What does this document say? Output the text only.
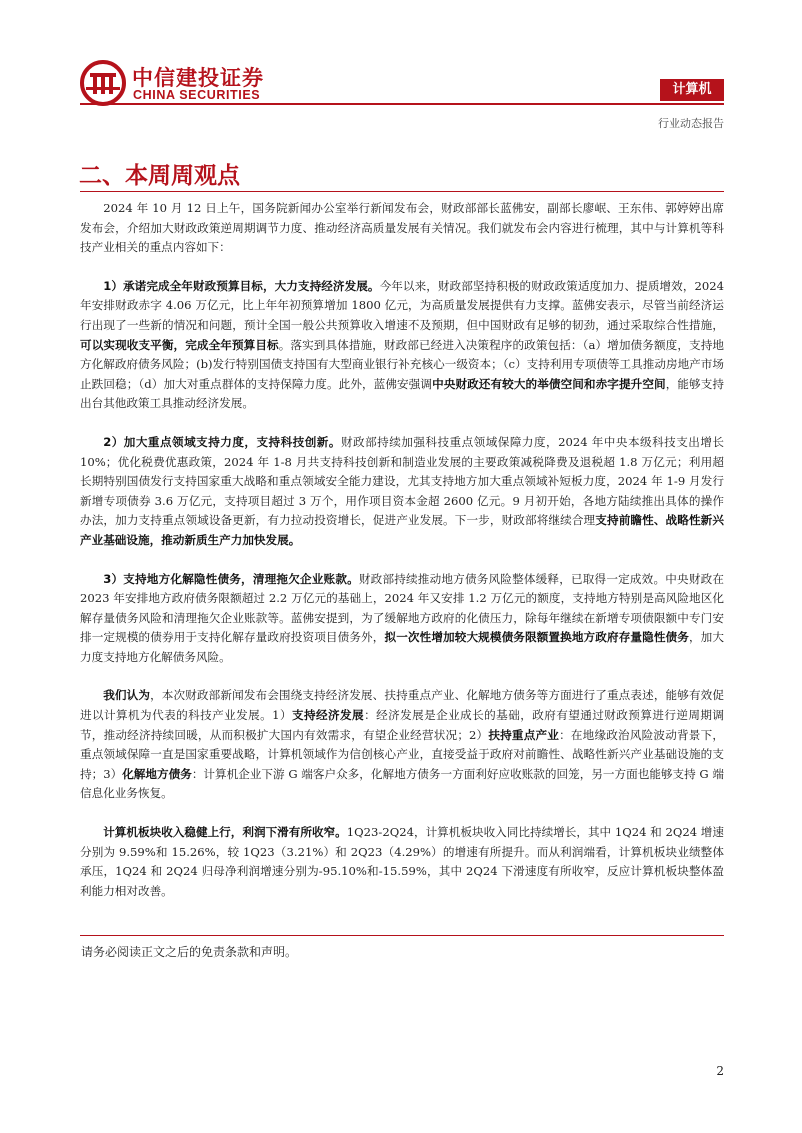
中信建投证券
CHINA SECURITIES	计算机
行业动态报告
二、本周周观点

2024 年 10 月 12 日上午，国务院新闻办公室举行新闻发布会，财政部部长蓝佛安，副部长廖岷、王东伟、郭婷婷出席发布会，介绍加大财政政策逆周期调节力度、推动经济高质量发展有关情况。我们就发布会内容进行梳理，其中与计算机等科技产业相关的重点内容如下：

1）承诺完成全年财政预算目标，大力支持经济发展。今年以来，财政部坚持积极的财政政策适度加力、提质增效，2024 年安排财政赤字 4.06 万亿元，比上年年初预算增加 1800 亿元，为高质量发展提供有力支撑。蓝佛安表示，尽管当前经济运行出现了一些新的情况和问题，预计全国一般公共预算收入增速不及预期，但中国财政有足够的韧劲，通过采取综合性措施，可以实现收支平衡，完成全年预算目标。落实到具体措施，财政部已经进入决策程序的政策包括：（a）增加债务额度，支持地方化解政府债务风险；(b)发行特别国债支持国有大型商业银行补充核心一级资本；（c）支持利用专项债等工具推动房地产市场止跌回稳；（d）加大对重点群体的支持保障力度。此外，蓝佛安强调中央财政还有较大的举债空间和赤字提升空间，能够支持出台其他政策工具推动经济发展。

2）加大重点领域支持力度，支持科技创新。财政部持续加强科技重点领域保障力度，2024 年中央本级科技支出增长 10%；优化税费优惠政策，2024 年 1-8 月共支持科技创新和制造业发展的主要政策减税降费及退税超 1.8 万亿元；利用超长期特别国债发行支持国家重大战略和重点领域安全能力建设，尤其支持地方加大重点领域补短板力度，2024 年 1-9 月发行新增专项债券 3.6 万亿元，支持项目超过 3 万个，用作项目资本金超 2600 亿元。9 月初开始，各地方陆续推出具体的操作办法，加力支持重点领域设备更新，有力拉动投资增长，促进产业发展。下一步，财政部将继续合理支持前瞻性、战略性新兴产业基础设施，推动新质生产力加快发展。

3）支持地方化解隐性债务，清理拖欠企业账款。财政部持续推动地方债务风险整体缓释，已取得一定成效。中央财政在 2023 年安排地方政府债务限额超过 2.2 万亿元的基础上，2024 年又安排 1.2 万亿元的额度，支持地方特别是高风险地区化解存量债务风险和清理拖欠企业账款等。蓝佛安提到，为了缓解地方政府的化债压力，除每年继续在新增专项债限额中专门安排一定规模的债券用于支持化解存量政府投资项目债务外，拟一次性增加较大规模债务限额置换地方政府存量隐性债务，加大力度支持地方化解债务风险。

我们认为，本次财政部新闻发布会围绕支持经济发展、扶持重点产业、化解地方债务等方面进行了重点表述，能够有效促进以计算机为代表的科技产业发展。1）支持经济发展：经济发展是企业成长的基础，政府有望通过财政预算进行逆周期调节，推动经济持续回暖，从而积极扩大国内有效需求，有望企业经营状况；2）扶持重点产业：在地缘政治风险波动背景下，重点领域保障一直是国家重要战略，计算机领域作为信创核心产业，直接受益于政府对前瞻性、战略性新兴产业基础设施的支持；3）化解地方债务：计算机企业下游 G 端客户众多，化解地方债务一方面利好应收账款的回笼，另一方面也能够支持 G 端信息化业务恢复。

计算机板块收入稳健上行，利润下滑有所收窄。1Q23-2Q24，计算机板块收入同比持续增长，其中 1Q24 和 2Q24 增速分别为 9.59%和 15.26%，较 1Q23（3.21%）和 2Q23（4.29%）的增速有所提升。而从利润端看，计算机板块业绩整体承压，1Q24 和 2Q24 归母净利润增速分别为-95.10%和-15.59%，其中 2Q24 下滑速度有所收窄，反应计算机板块整体盈利能力相对改善。

请务必阅读正文之后的免责条款和声明。
2
